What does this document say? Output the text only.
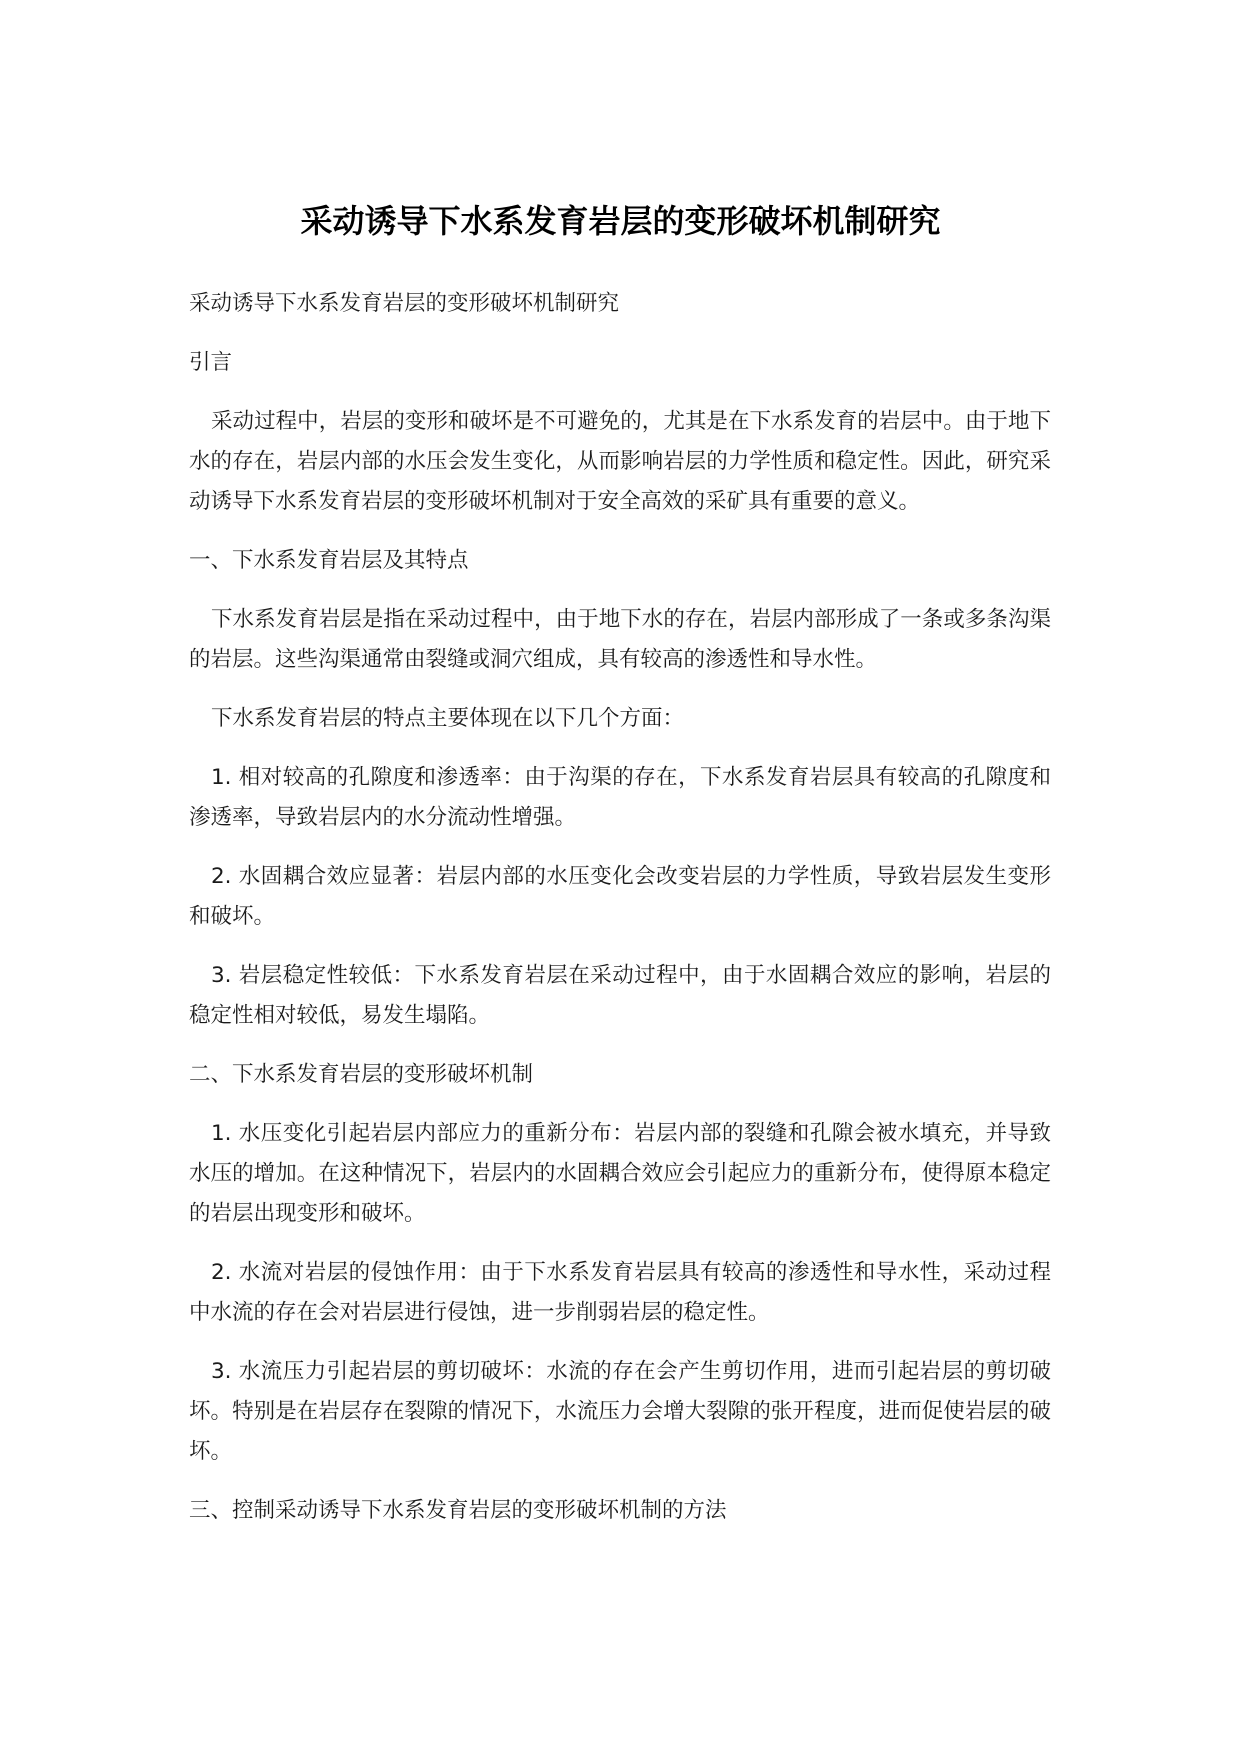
采动诱导下水系发育岩层的变形破坏机制研究

采动诱导下水系发育岩层的变形破坏机制研究

引言

采动过程中，岩层的变形和破坏是不可避免的，尤其是在下水系发育的岩层中。由于地下水的存在，岩层内部的水压会发生变化，从而影响岩层的力学性质和稳定性。因此，研究采动诱导下水系发育岩层的变形破坏机制对于安全高效的采矿具有重要的意义。

一、下水系发育岩层及其特点

下水系发育岩层是指在采动过程中，由于地下水的存在，岩层内部形成了一条或多条沟渠的岩层。这些沟渠通常由裂缝或洞穴组成，具有较高的渗透性和导水性。

下水系发育岩层的特点主要体现在以下几个方面：

1. 相对较高的孔隙度和渗透率：由于沟渠的存在，下水系发育岩层具有较高的孔隙度和渗透率，导致岩层内的水分流动性增强。

2. 水固耦合效应显著：岩层内部的水压变化会改变岩层的力学性质，导致岩层发生变形和破坏。

3. 岩层稳定性较低：下水系发育岩层在采动过程中，由于水固耦合效应的影响，岩层的稳定性相对较低，易发生塌陷。

二、下水系发育岩层的变形破坏机制

1. 水压变化引起岩层内部应力的重新分布：岩层内部的裂缝和孔隙会被水填充，并导致水压的增加。在这种情况下，岩层内的水固耦合效应会引起应力的重新分布，使得原本稳定的岩层出现变形和破坏。

2. 水流对岩层的侵蚀作用：由于下水系发育岩层具有较高的渗透性和导水性，采动过程中水流的存在会对岩层进行侵蚀，进一步削弱岩层的稳定性。

3. 水流压力引起岩层的剪切破坏：水流的存在会产生剪切作用，进而引起岩层的剪切破坏。特别是在岩层存在裂隙的情况下，水流压力会增大裂隙的张开程度，进而促使岩层的破坏。

三、控制采动诱导下水系发育岩层的变形破坏机制的方法
